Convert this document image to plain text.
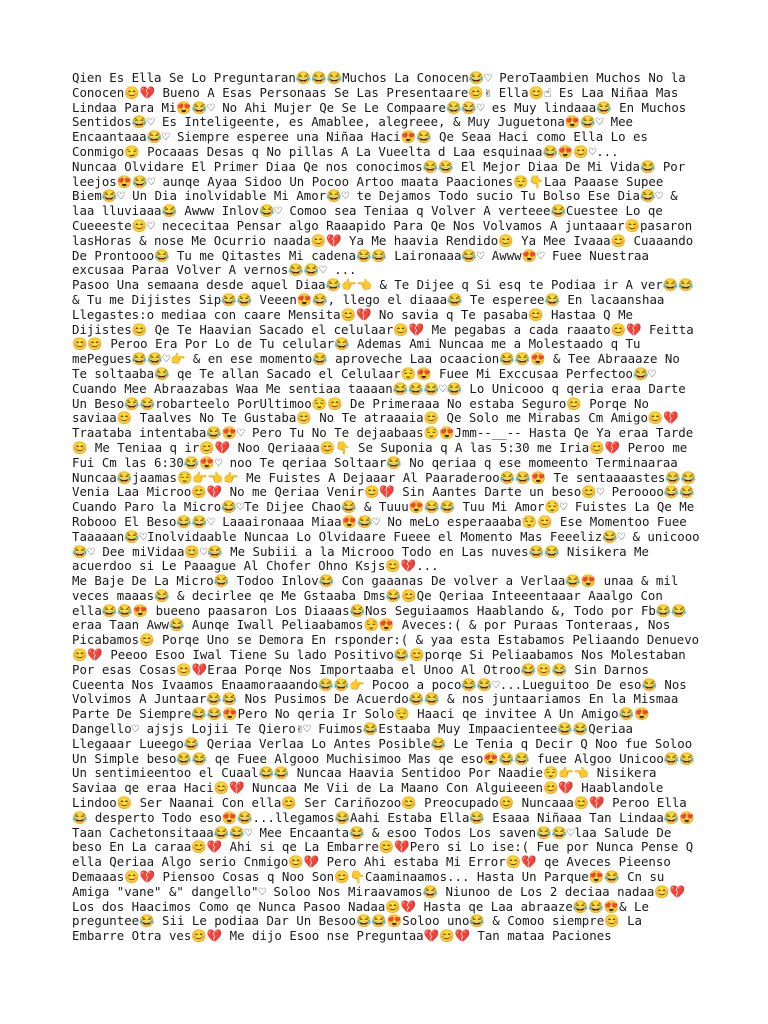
Qien Es Ella Se Lo Preguntaran😂😂😂Muchos La Conocen😂♡ PeroTaambien Muchos No la Conocen😊💔 Bueno A Esas Personaas Se Las Presentaare😊✌ Ella😊☝ Es Laa Niñaa Mas Lindaa Para Mi😍😂♡ No Ahi Mujer Qe Se Le Compaare😂😂♡ es Muy lindaaa😂 En Muchos Sentidos😂♡ Es Inteligeente, es Amablee, alegreee, & Muy Juguetona😍😂♡ Mee Encaantaaa😂♡ Siempre esperee una Niñaa Haci😍😂 Qe Seaa Haci como Ella Lo es Conmigo😏 Pocaaas Desas q No pillas A La Vueelta d Laa esquinaa😂😍😊♡...

Nuncaa Olvidare El Primer Diaa Qe nos conocimos😂😂 El Mejor Diaa De Mi Vida😂 Por leejos😍😂♡ aunqe Ayaa Sidoo Un Pocoo Artoo maata Paaciones😌👇Laa Paaase Supee Biem😂♡ Un Dia inolvidable Mi Amor😂♡ te Dejamos Todo sucio Tu Bolso Ese Dia😂♡ & laa lluviaaa😂 Awww Inlov😂♡ Comoo sea Teniaa q Volver A verteee😂Cuestee Lo qe Cueeeste😊♡ nececitaa Pensar algo Raaapido Para Qe Nos Volvamos A juntaaar😊pasaron lasHoras & nose Me Ocurrio naada😊💔 Ya Me haavia Rendido😊 Ya Mee Ivaaa😊 Cuaaando De Prontooo😂 Tu me Qitastes Mi cadena😂😂 Laironaaa😂♡ Awww😍♡ Fuee Nuestraa excusaa Paraa Volver A vernos😂😂♡ ...

Pasoo Una semaana desde aquel Diaa😂👉👈 & Te Dijee q Si esq te Podiaa ir A ver😂😂 & Tu me Dijistes Sip😂😂 Veeen😍😂, llego el diaaa😂 Te esperee😂 En lacaanshaa Llegastes:o mediaa con caare Mensita😊💔 No savia q Te pasaba😊 Hastaa Q Me Dijistes😊 Qe Te Haavian Sacado el celulaar😊💔 Me pegabas a cada raaato😊💔 Feitta😊😊 Peroo Era Por Lo de Tu celular😂 Ademas Ami Nuncaa me a Molestaado q Tu mePegues😂😂♡👉 & en ese momento😂 aproveche Laa ocaacion😂😂😍 & Tee Abraaaze No Te soltaaba😂 qe Te allan Sacado el Celulaar😌😍 Fuee Mi Exccusaa Perfectoo😂♡ Cuando Mee Abraazabas Waa Me sentiaa taaaan😂😂😂♡😂 Lo Unicooo q qeria eraa Darte Un Beso😂😂robarteelo PorUltimoo😌😊 De Primeraaa No estaba Seguro😊 Porqe No saviaa😊 Taalves No Te Gustaba😊 No Te atraaaia😊 Qe Solo me Mirabas Cm Amigo😊💔 Traataba intentaba😂😍♡ Pero Tu No Te dejaabaas😌😍Jmm--__-- Hasta Qe Ya eraa Tarde😊 Me Teniaa q ir😊💔 Noo Qeriaaa😊👇 Se Suponia q A las 5:30 me Iria😊💔 Peroo me Fui Cm las 6:30😂😍♡ noo Te qeriaa Soltaar😂 No qeriaa q ese momeento Terminaaraa Nuncaa😂jaamas😌👉👈👉 Me Fuistes A Dejaaar Al Paaraderoo😂😂😍 Te sentaaaastes😂😂 Venia Laa Microo😊💔 No me Qeriaa Venir😊💔 Sin Aantes Darte un beso😊♡ Peroooo😂😂 Cuando Paro la Micro😂♡Te Dijee Chao😂 & Tuuu😍😂😂 Tuu Mi Amor😌♡ Fuistes La Qe Me Robooo El Beso😂😂♡ Laaaironaaa Miaa😍😂♡ No meLo esperaaaba😌😊 Ese Momentoo Fuee Taaaaan😂♡Inolvidaable Nuncaa Lo Olvidaare Fueee el Momento Mas Feeeliz😂♡ & unicooo😂♡ Dee miVidaa😊♡😂 Me Subiii a la Microoo Todo en Las nuves😂😂 Nisikera Me acuerdoo si Le Paaague Al Chofer Ohno Ksjs😊💔...

Me Baje De La Micro😂 Todoo Inlov😂 Con gaaanas De volver a Verlaa😂😍 unaa & mil veces maaas😂 & decirlee qe Me Gstaaba Dms😂😊Qe Qeriaa Inteeentaaar Aaalgo Con ella😂😂😍 bueeno paasaron Los Diaaas😂Nos Seguiaamos Haablando &, Todo por Fb😂😂 eraa Taan Aww😂 Aunqe Iwall Peliaabamos😌😍 Aveces:( & por Puraas Tonteraas, Nos Picabamos😊 Porqe Uno se Demora En rsponder:( & yaa esta Estabamos Peliaando Denuevo😊💔 Peeoo Esoo Iwal Tiene Su lado Positivo😂😊porqe Si Peliaabamos Nos Molestaban Por esas Cosas😊💔Eraa Porqe Nos Importaaba el Unoo Al Otroo😂😊😂 Sin Darnos Cueenta Nos Ivaamos Enaamoraaando😂😂👉 Pocoo a poco😂😂♡...Lueguitoo De eso😂 Nos Volvimos A Juntaar😂😂 Nos Pusimos De Acuerdo😂😂 & nos juntaariamos En la Mismaa Parte De Siempre😂😂😍Pero No qeria Ir Solo😌 Haaci qe invitee A Un Amigo😂😍 Dangello♡ ajsjs Lojii Te Qiero✌♡ Fuimos😂Estaaba Muy Impaacientee😂😂Qeriaa Llegaaar Lueego😂 Qeriaa Verlaa Lo Antes Posible😂 Le Tenia q Decir Q Noo fue Soloo Un Simple beso😂😂 qe Fuee Algooo Muchisimoo Mas qe eso😍😂😂 fuee Algoo Unicoo😂😂Un sentimieentoo el Cuaal😂😂 Nuncaa Haavia Sentidoo Por Naadie😌👉👈 Nisikera Saviaa qe eraa Haci😊💔 Nuncaa Me Vii de La Maano Con Alguieeen😊💔 Haablandole Lindoo😊 Ser Naanai Con ella😊 Ser Cariñozoo😊 Preocupado😊 Nuncaaa😊💔 Peroo Ella😂 desperto Todo eso😍😂...llegamos😂Aahi Estaba Ella😂 Esaaa Niñaaa Tan Lindaa😂😍 Taan Cachetonsitaaa😂😂♡ Mee Encaanta😂 & esoo Todos Los saven😂😂♡laa Salude De beso En La caraa😊💔 Ahi si qe La Embarre😊💔Pero si Lo ise:( Fue por Nunca Pense Q ella Qeriaa Algo serio Cnmigo😊💔 Pero Ahi estaba Mi Error😊💔 qe Aveces Pieenso Demaaas😊💔 Piensoo Cosas q Noo Son😊👇Caaminaamos... Hasta Un Parque😍😂 Cn su Amiga "vane" &" dangello"♡ Soloo Nos Miraavamos😂 Niunoo de Los 2 deciaa nadaa😊💔 Los dos Haacimos Como qe Nunca Pasoo Nadaa😊💔 Hasta qe Laa abraaze😂😂😍& Le preguntee😂 Sii Le podiaa Dar Un Besoo😂😂😍Soloo uno😂 & Comoo siempre😊 La Embarre Otra ves😊💔 Me dijo Esoo nse Preguntaa💔😊💔 Tan mataa Paciones
